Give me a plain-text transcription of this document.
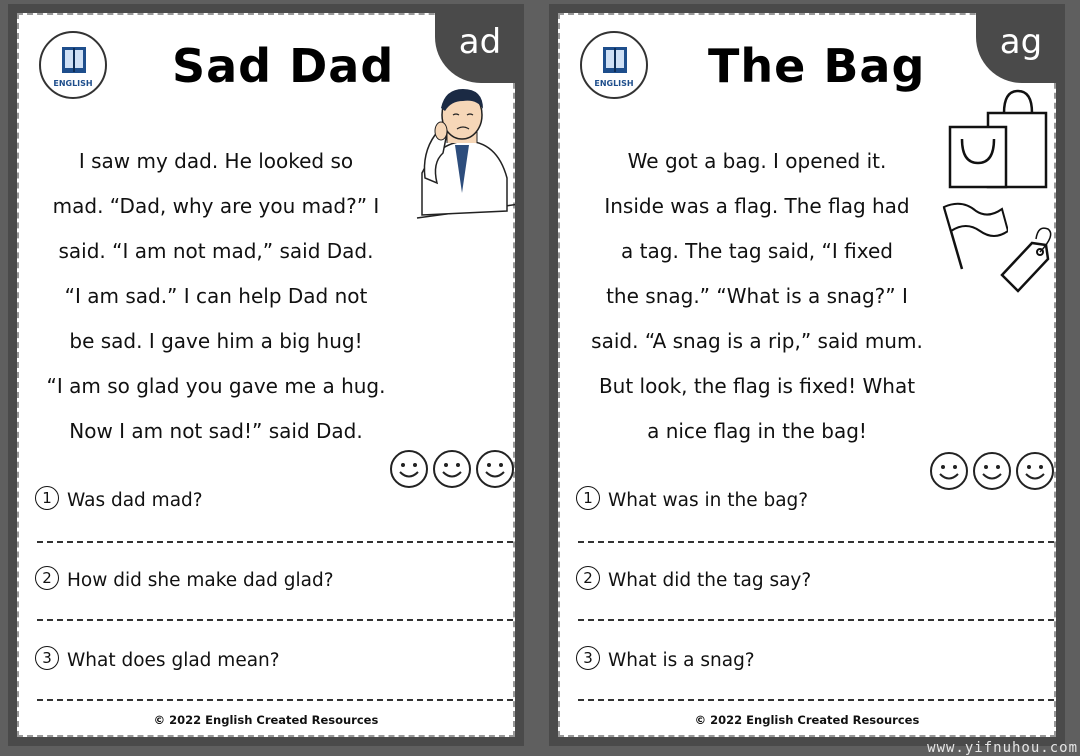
ENGLISH
ad
Sad Dad
I saw my dad. He looked so
mad. “Dad, why are you mad?” I
said. “I am not mad,” said Dad.
“I am sad.” I can help Dad not
be sad. I gave him a big hug!
“I am so glad you gave me a hug.
Now I am not sad!” said Dad.
1 Was dad mad?
2 How did she make dad glad?
3 What does glad mean?
© 2022 English Created Resources
ENGLISH
ag
The Bag
We got a bag. I opened it.
Inside was a flag. The flag had
a tag. The tag said, “I fixed
the snag.” “What is a snag?” I
said. “A snag is a rip,” said mum.
But look, the flag is fixed! What
a nice flag in the bag!
1 What was in the bag?
2 What did the tag say?
3 What is a snag?
© 2022 English Created Resources
www.yifnuhou.com
